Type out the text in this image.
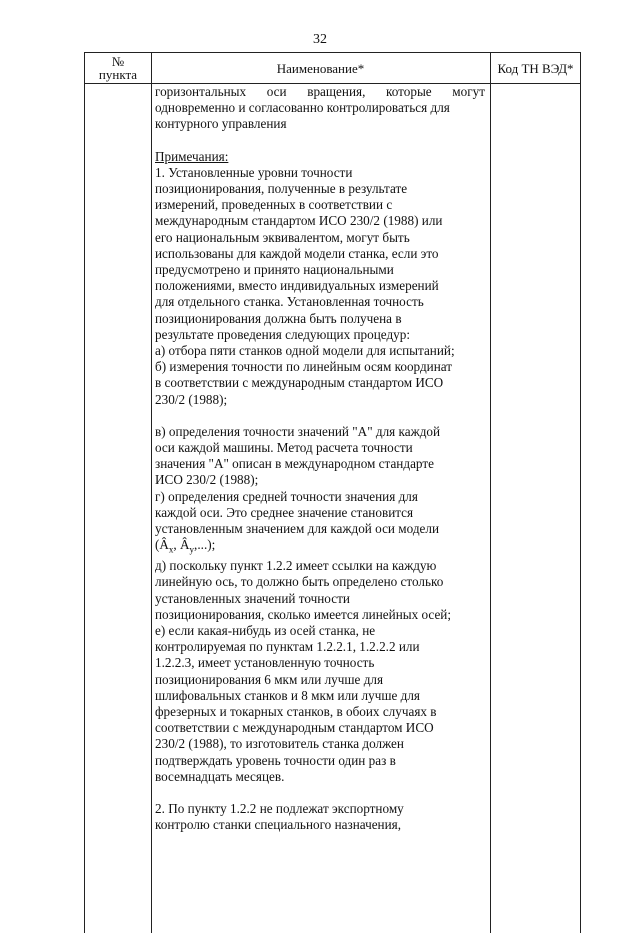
32
№
пункта	Наименование*	Код ТН ВЭД*

горизонтальных оси вращения, которые могут

одновременно и согласованно контролироваться для

контурного управления

Примечания:

1. Установленные уровни точности

позиционирования, полученные в результате

измерений, проведенных в соответствии с

международным стандартом ИСО 230/2 (1988) или

его национальным эквивалентом, могут быть

использованы для каждой модели станка, если это

предусмотрено и принято национальными

положениями, вместо индивидуальных измерений

для отдельного станка. Установленная точность

позиционирования должна быть получена в

результате проведения следующих процедур:

а) отбора пяти станков одной модели для испытаний;

б) измерения точности по линейным осям координат

в соответствии с международным стандартом ИСО

230/2 (1988);

в) определения точности значений "А" для каждой

оси каждой машины. Метод расчета точности

значения "А" описан в международном стандарте

ИСО 230/2 (1988);

г) определения средней точности значения для

каждой оси. Это среднее значение становится

установленным значением для каждой оси модели

($Â_x$, $Â_y$,...);

д) поскольку пункт 1.2.2 имеет ссылки на каждую

линейную ось, то должно быть определено столько

установленных значений точности

позиционирования, сколько имеется линейных осей;

е) если какая-нибудь из осей станка, не

контролируемая по пунктам 1.2.2.1, 1.2.2.2 или

1.2.2.3, имеет установленную точность

позиционирования 6 мкм или лучше для

шлифовальных станков и 8 мкм или лучше для

фрезерных и токарных станков, в обоих случаях в

соответствии с международным стандартом ИСО

230/2 (1988), то изготовитель станка должен

подтверждать уровень точности один раз в

восемнадцать месяцев.

2. По пункту 1.2.2 не подлежат экспортному

контролю станки специального назначения,
